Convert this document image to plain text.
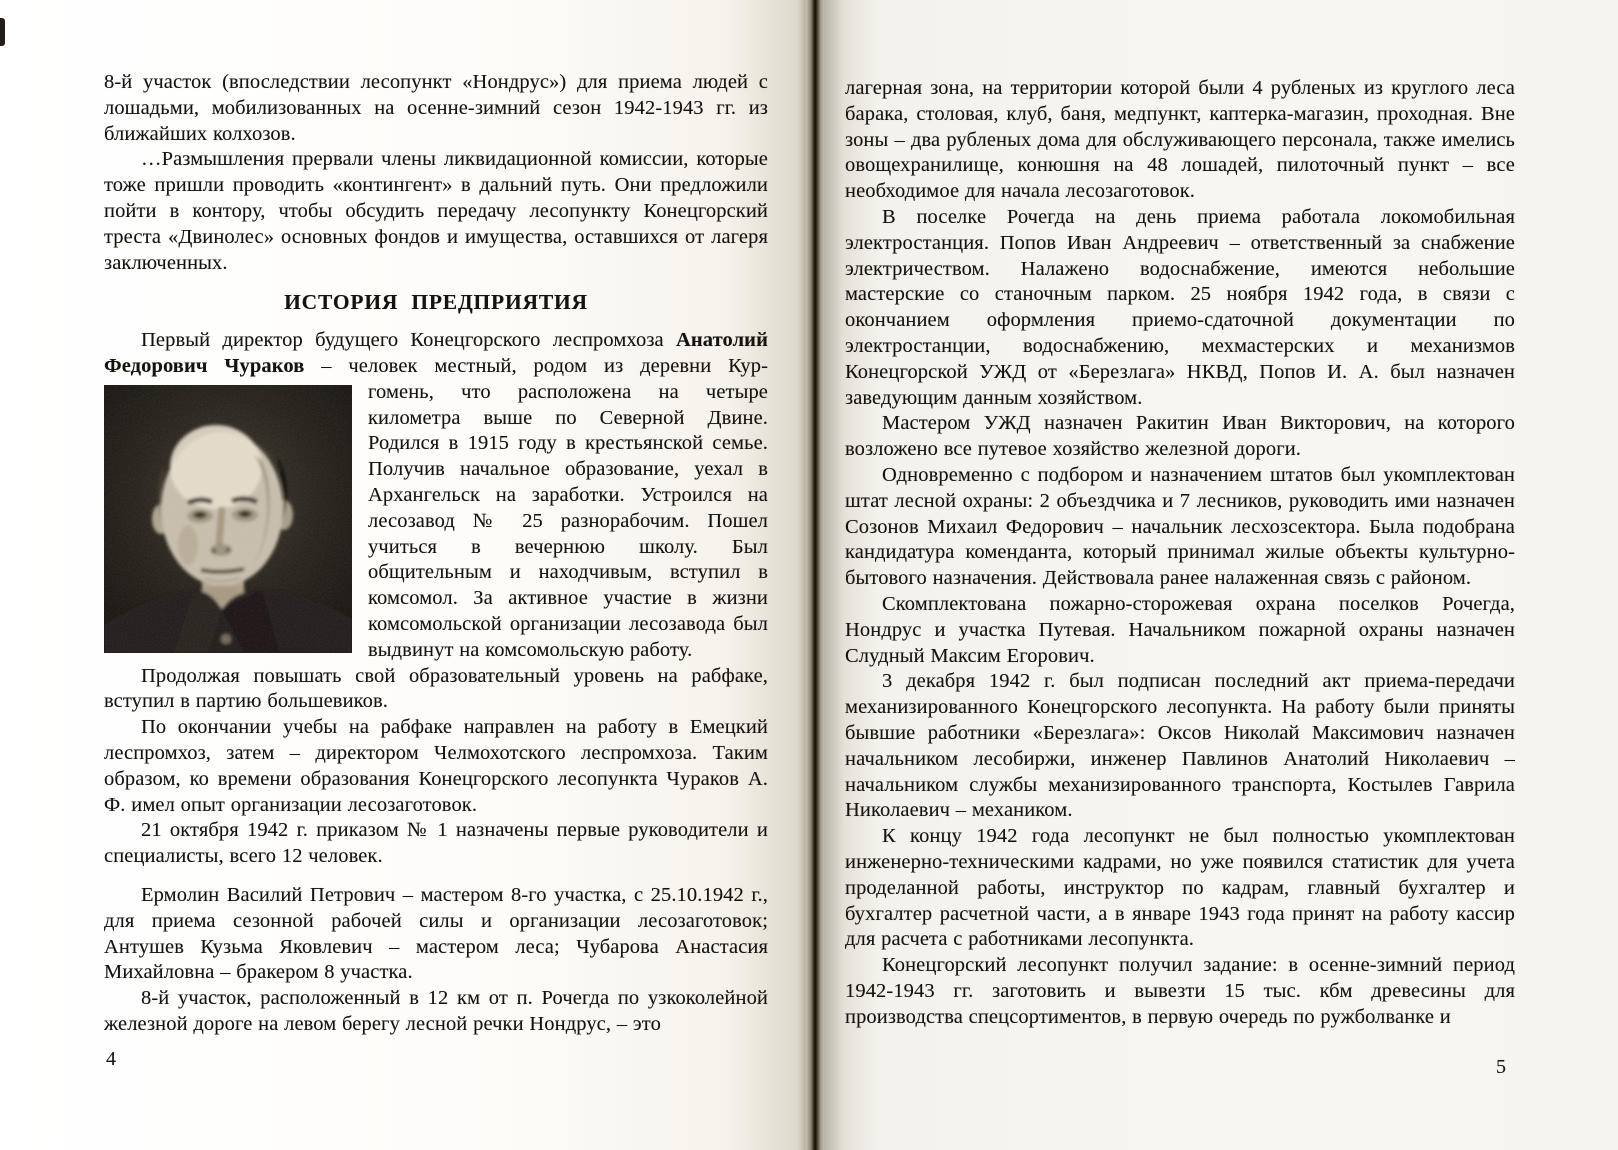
8-й участок (впоследствии лесопункт «Нондрус») для приема людей с лошадьми, мобилизованных на осенне-зимний сезон 1942-1943 гг. из ближайших колхозов.

…Размышления прервали члены ликвидационной комиссии, которые тоже пришли проводить «контингент» в дальний путь. Они предложили пойти в контору, чтобы обсудить передачу лесопункту Конецгорский треста «Двинолес» основных фондов и имущества, оставшихся от лагеря заключенных.

ИСТОРИЯ ПРЕДПРИЯТИЯ

Первый директор будущего Конецгорского леспромхоза Анатолий Федорович Чураков – человек местный, родом из деревни Кур-

гомень, что расположена на четыре километра выше по Северной Двине. Родился в 1915 году в крестьянской семье. Получив начальное образование, уехал в Архангельск на заработки. Устроился на лесозавод № 25 разнорабочим. Пошел учиться в вечернюю школу. Был общительным и находчивым, вступил в комсомол. За активное участие в жизни комсомольской организации лесозавода был выдвинут на комсомольскую работу.

Продолжая повышать свой образовательный уровень на рабфаке, вступил в партию большевиков.

По окончании учебы на рабфаке направлен на работу в Емецкий леспромхоз, затем – директором Челмохотского леспромхоза. Таким образом, ко времени образования Конецгорского лесопункта Чураков А. Ф. имел опыт организации лесозаготовок.

21 октября 1942 г. приказом № 1 назначены первые руководители и специалисты, всего 12 человек.

Ермолин Василий Петрович – мастером 8-го участка, с 25.10.1942 г., для приема сезонной рабочей силы и организации лесозаготовок; Антушев Кузьма Яковлевич – мастером леса; Чубарова Анастасия Михайловна – бракером 8 участка.

8-й участок, расположенный в 12 км от п. Рочегда по узкоколейной железной дороге на левом берегу лесной речки Нондрус, – это

лагерная зона, на территории которой были 4 рубленых из круглого леса барака, столовая, клуб, баня, медпункт, каптерка-магазин, проходная. Вне зоны – два рубленых дома для обслуживающего персонала, также имелись овощехранилище, конюшня на 48 лошадей, пилоточный пункт – все необходимое для начала лесозаготовок.

В поселке Рочегда на день приема работала локомобильная электростанция. Попов Иван Андреевич – ответственный за снабжение электричеством. Налажено водоснабжение, имеются небольшие мастерские со станочным парком. 25 ноября 1942 года, в связи с окончанием оформления приемо-сдаточной документации по электростанции, водоснабжению, мехмастерских и механизмов Конецгорской УЖД от «Березлага» НКВД, Попов И. А. был назначен заведующим данным хозяйством.

Мастером УЖД назначен Ракитин Иван Викторович, на которого возложено все путевое хозяйство железной дороги.

Одновременно с подбором и назначением штатов был укомплектован штат лесной охраны: 2 объездчика и 7 лесников, руководить ими назначен Созонов Михаил Федорович – начальник лесхозсектора. Была подобрана кандидатура коменданта, который принимал жилые объекты культурно-бытового назначения. Действовала ранее налаженная связь с районом.

Скомплектована пожарно-сторожевая охрана поселков Рочегда, Нондрус и участка Путевая. Начальником пожарной охраны назначен Слудный Максим Егорович.

3 декабря 1942 г. был подписан последний акт приема-передачи механизированного Конецгорского лесопункта. На работу были приняты бывшие работники «Березлага»: Оксов Николай Максимович назначен начальником лесобиржи, инженер Павлинов Анатолий Николаевич – начальником службы механизированного транспорта, Костылев Гаврила Николаевич – механиком.

К концу 1942 года лесопункт не был полностью укомплектован инженерно-техническими кадрами, но уже появился статистик для учета проделанной работы, инструктор по кадрам, главный бухгалтер и бухгалтер расчетной части, а в январе 1943 года принят на работу кассир для расчета с работниками лесопункта.

Конецгорский лесопункт получил задание: в осенне-зимний период 1942-1943 гг. заготовить и вывезти 15 тыс. кбм древесины для производства спецсортиментов, в первую очередь по ружболванке и

4	5
